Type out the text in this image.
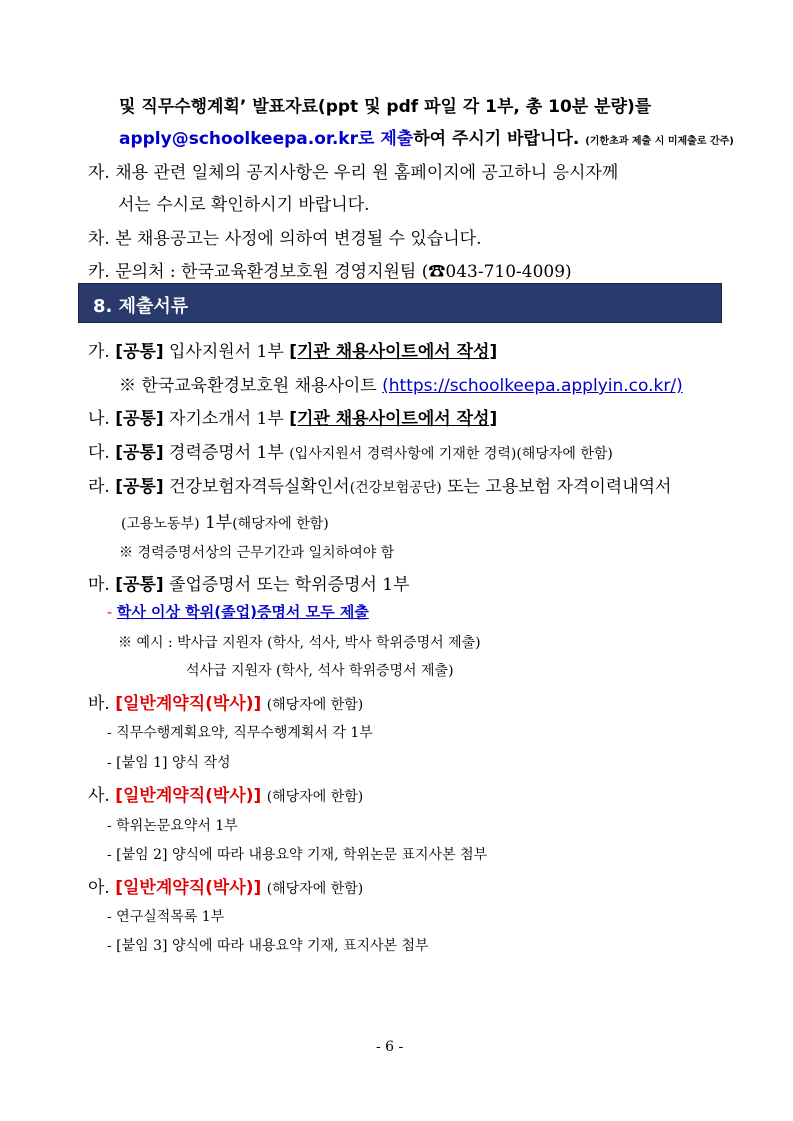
및 직무수행계획’ 발표자료(ppt 및 pdf 파일 각 1부, 총 10분 분량)를
apply@schoolkeepa.or.kr로 제출하여 주시기 바랍니다. (기한초과 제출 시 미제출로 간주)
자. 채용 관련 일체의 공지사항은 우리 원 홈페이지에 공고하니 응시자께
서는 수시로 확인하시기 바랍니다.
차. 본 채용공고는 사정에 의하여 변경될 수 있습니다.
카. 문의처 : 한국교육환경보호원 경영지원팀 (☎043-710-4009)
8. 제출서류
가. [공통] 입사지원서 1부 [기관 채용사이트에서 작성]
※ 한국교육환경보호원 채용사이트 (https://schoolkeepa.applyin.co.kr/)
나. [공통] 자기소개서 1부 [기관 채용사이트에서 작성]
다. [공통] 경력증명서 1부 (입사지원서 경력사항에 기재한 경력)(해당자에 한함)
라. [공통] 건강보험자격득실확인서(건강보험공단) 또는 고용보험 자격이력내역서
(고용노동부) 1부(해당자에 한함)
※ 경력증명서상의 근무기간과 일치하여야 함
마. [공통] 졸업증명서 또는 학위증명서 1부
- 학사 이상 학위(졸업)증명서 모두 제출
※ 예시 : 박사급 지원자 (학사, 석사, 박사 학위증명서 제출)
석사급 지원자 (학사, 석사 학위증명서 제출)
바. [일반계약직(박사)] (해당자에 한함)
- 직무수행계획요약, 직무수행계획서 각 1부
- [붙임 1] 양식 작성
사. [일반계약직(박사)] (해당자에 한함)
- 학위논문요약서 1부
- [붙임 2] 양식에 따라 내용요약 기재, 학위논문 표지사본 첨부
아. [일반계약직(박사)] (해당자에 한함)
- 연구실적목록 1부
- [붙임 3] 양식에 따라 내용요약 기재, 표지사본 첨부
- 6 -
